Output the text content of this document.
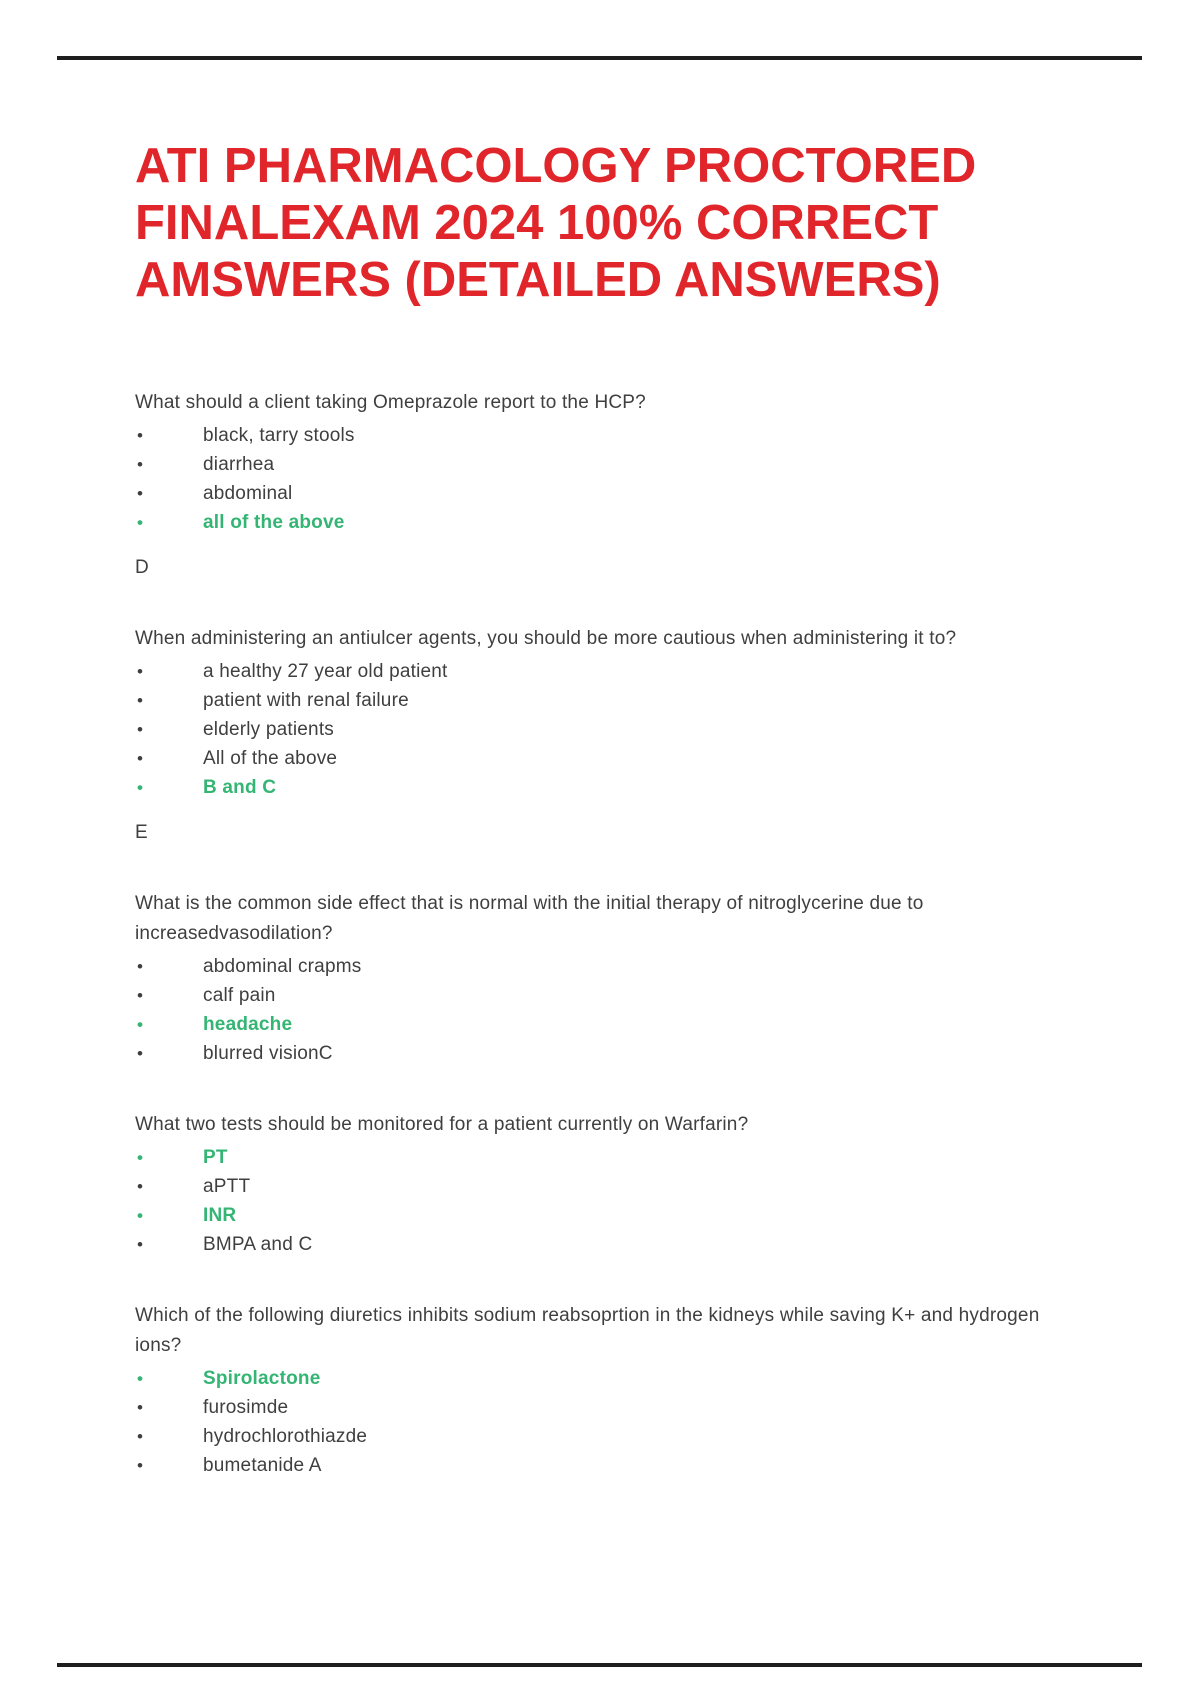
ATI PHARMACOLOGY PROCTORED
FINALEXAM 2024 100% CORRECT
AMSWERS (DETAILED ANSWERS)

What should a client taking Omeprazole report to the HCP?

•	black, tarry stools
•	diarrhea
•	abdominal
•	all of the above

D

When administering an antiulcer agents, you should be more cautious when administering it to?

•	a healthy 27 year old patient
•	patient with renal failure
•	elderly patients
•	All of the above
•	B and C

E

What is the common side effect that is normal with the initial therapy of nitroglycerine due to increasedvasodilation?

•	abdominal crapms
•	calf pain
•	headache
•	blurred visionC

What two tests should be monitored for a patient currently on Warfarin?

•	PT
•	aPTT
•	INR
•	BMPA and C

Which of the following diuretics inhibits sodium reabsoprtion in the kidneys while saving K+ and hydrogen ions?

•	Spirolactone
•	furosimde
•	hydrochlorothiazde
•	bumetanide A
